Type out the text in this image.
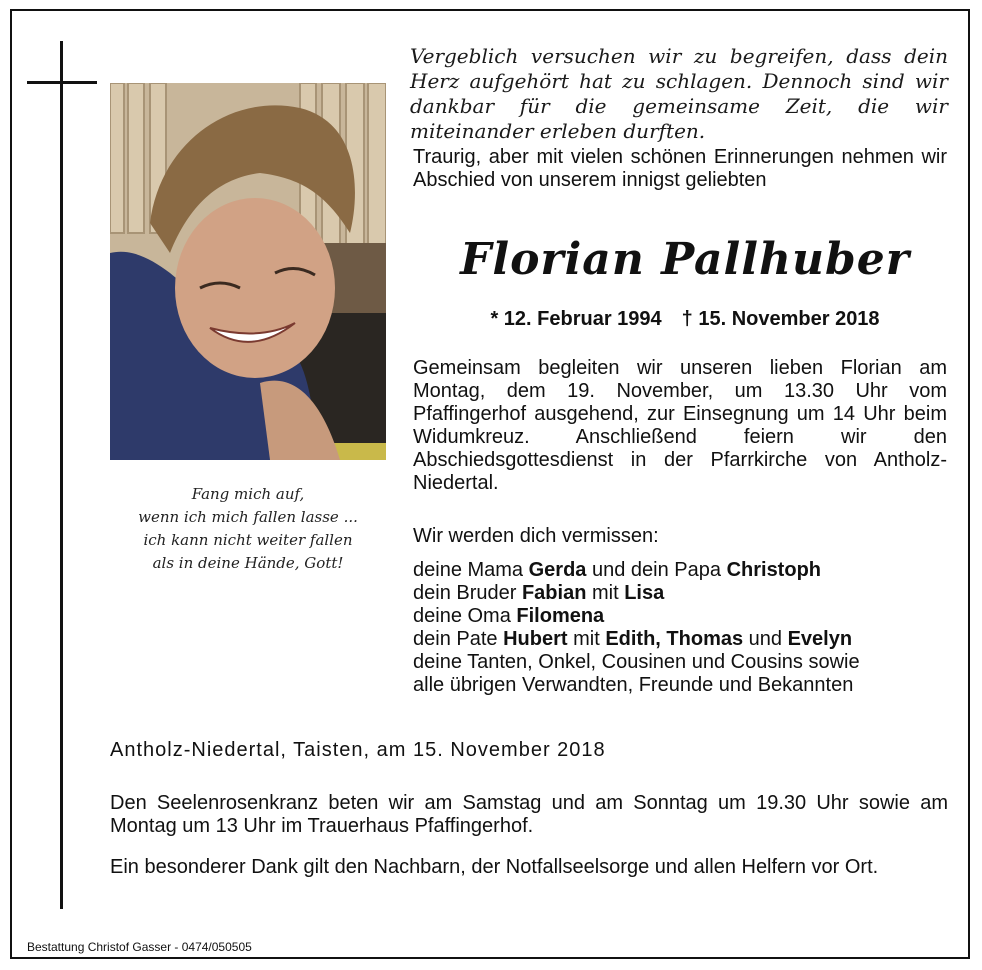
Vergeblich versuchen wir zu begreifen, dass dein Herz aufgehört hat zu schlagen. Dennoch sind wir dankbar für die gemeinsame Zeit, die wir miteinander erleben durften.
Traurig, aber mit vielen schönen Erinnerungen nehmen wir Abschied von unserem innigst geliebten
Florian Pallhuber
* 12. Februar 1994 † 15. November 2018
Gemeinsam begleiten wir unseren lieben Florian am Montag, dem 19. November, um 13.30 Uhr vom Pfaffingerhof ausgehend, zur Einsegnung um 14 Uhr beim Widumkreuz. Anschließend feiern wir den Abschiedsgottesdienst in der Pfarrkirche von Antholz-Niedertal.
Wir werden dich vermissen:
deine Mama Gerda und dein Papa Christoph
dein Bruder Fabian mit Lisa
deine Oma Filomena
dein Pate Hubert mit Edith, Thomas und Evelyn
deine Tanten, Onkel, Cousinen und Cousins sowie
alle übrigen Verwandten, Freunde und Bekannten
Fang mich auf,
wenn ich mich fallen lasse ...
ich kann nicht weiter fallen
als in deine Hände, Gott!
Antholz-Niedertal, Taisten, am 15. November 2018
Den Seelenrosenkranz beten wir am Samstag und am Sonntag um 19.30 Uhr sowie am Montag um 13 Uhr im Trauerhaus Pfaffingerhof.
Ein besonderer Dank gilt den Nachbarn, der Notfallseelsorge und allen Helfern vor Ort.
Bestattung Christof Gasser - 0474/050505
